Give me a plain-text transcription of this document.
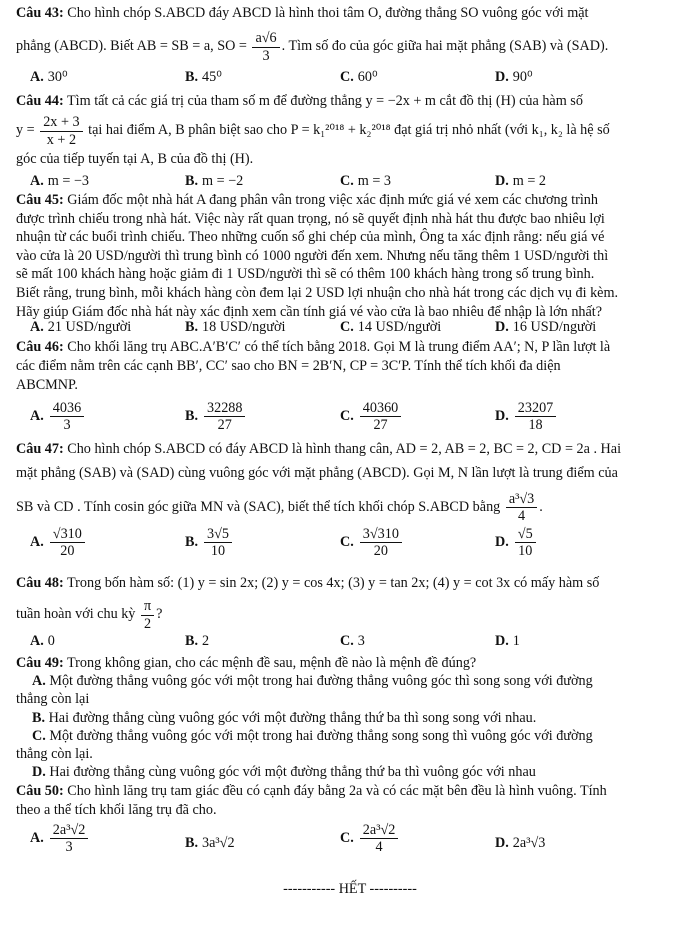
Câu 43: Cho hình chóp S.ABCD đáy ABCD là hình thoi tâm O, đường thẳng SO vuông góc với mặt
phẳng (ABCD). Biết AB = SB = a, SO = $\frac{a√6}{3}$ . Tìm số đo của góc giữa hai mặt phẳng (SAB) và (SAD).
A. 30⁰	B. 45⁰	C. 60⁰	D. 90⁰
Câu 44: Tìm tất cả các giá trị của tham số m để đường thẳng y = −2x + m cắt đồ thị (H) của hàm số
$y = \frac{2x + 3}{x + 2}$ tại hai điểm A, B phân biệt sao cho P = k₁²⁰¹⁸ + k₂²⁰¹⁸ đạt giá trị nhỏ nhất (với k₁, k₂ là hệ số
góc của tiếp tuyến tại A, B của đồ thị (H).
A. m = −3	B. m = −2	C. m = 3	D. m = 2
Câu 45: Giám đốc một nhà hát A đang phân vân trong việc xác định mức giá vé xem các chương trình
được trình chiếu trong nhà hát. Việc này rất quan trọng, nó sẽ quyết định nhà hát thu được bao nhiêu lợi
nhuận từ các buổi trình chiếu. Theo những cuốn sổ ghi chép của mình, Ông ta xác định rằng: nếu giá vé
vào cửa là 20 USD/người thì trung bình có 1000 người đến xem. Nhưng nếu tăng thêm 1 USD/người thì
sẽ mất 100 khách hàng hoặc giảm đi 1 USD/người thì sẽ có thêm 100 khách hàng trong số trung bình.
Biết rằng, trung bình, mỗi khách hàng còn đem lại 2 USD lợi nhuận cho nhà hát trong các dịch vụ đi kèm.
Hãy giúp Giám đốc nhà hát này xác định xem cần tính giá vé vào cửa là bao nhiêu để nhập là lớn nhất?
A. 21 USD/người	B. 18 USD/người	C. 14 USD/người	D. 16 USD/người
Câu 46: Cho khối lăng trụ ABC.A′B′C′ có thể tích bằng 2018. Gọi M là trung điểm AA′; N, P lần lượt là
các điểm nằm trên các cạnh BB′, CC′ sao cho BN = 2B′N, CP = 3C′P. Tính thể tích khối đa diện
ABCMNP.
A. $\frac{4036}{3}$	B. $\frac{32288}{27}$	C. $\frac{40360}{27}$	D. $\frac{23207}{18}$
Câu 47: Cho hình chóp S.ABCD có đáy ABCD là hình thang cân, AD = 2, AB = 2, BC = 2, CD = 2a . Hai
mặt phẳng (SAB) và (SAD) cùng vuông góc với mặt phẳng (ABCD). Gọi M, N lần lượt là trung điểm của
SB và CD . Tính cosin góc giữa MN và (SAC), biết thể tích khối chóp S.ABCD bằng $\frac{\text{a³√3}}{4}$ .
A. $\frac{√310}{20}$	B. $\frac{3√5}{10}$	C. $\frac{3√310}{20}$	D. $\frac{√5}{10}$
Câu 48: Trong bốn hàm số: (1) y = sin 2x; (2) y = cos 4x; (3) y = tan 2x; (4) y = cot 3x có mấy hàm số
tuần hoàn với chu kỳ $\frac{\pi}{2}$ ?
A. 0	B. 2	C. 3	D. 1
Câu 49: Trong không gian, cho các mệnh đề sau, mệnh đề nào là mệnh đề đúng?
A. Một đường thẳng vuông góc với một trong hai đường thẳng vuông góc thì song song với đường
thẳng còn lại
B. Hai đường thẳng cùng vuông góc với một đường thẳng thứ ba thì song song với nhau.
C. Một đường thẳng vuông góc với một trong hai đường thẳng song song thì vuông góc với đường
thẳng còn lại.
D. Hai đường thẳng cùng vuông góc với một đường thẳng thứ ba thì vuông góc với nhau
Câu 50: Cho hình lăng trụ tam giác đều có cạnh đáy bằng 2a và có các mặt bên đều là hình vuông. Tính
theo a thể tích khối lăng trụ đã cho.
A. $\frac{\text{2a³√2}}{3}$	B. 3a³√2	C. $\frac{\text{2a³√2}}{4}$	D. 2a³√3
----------- HẾT ----------
